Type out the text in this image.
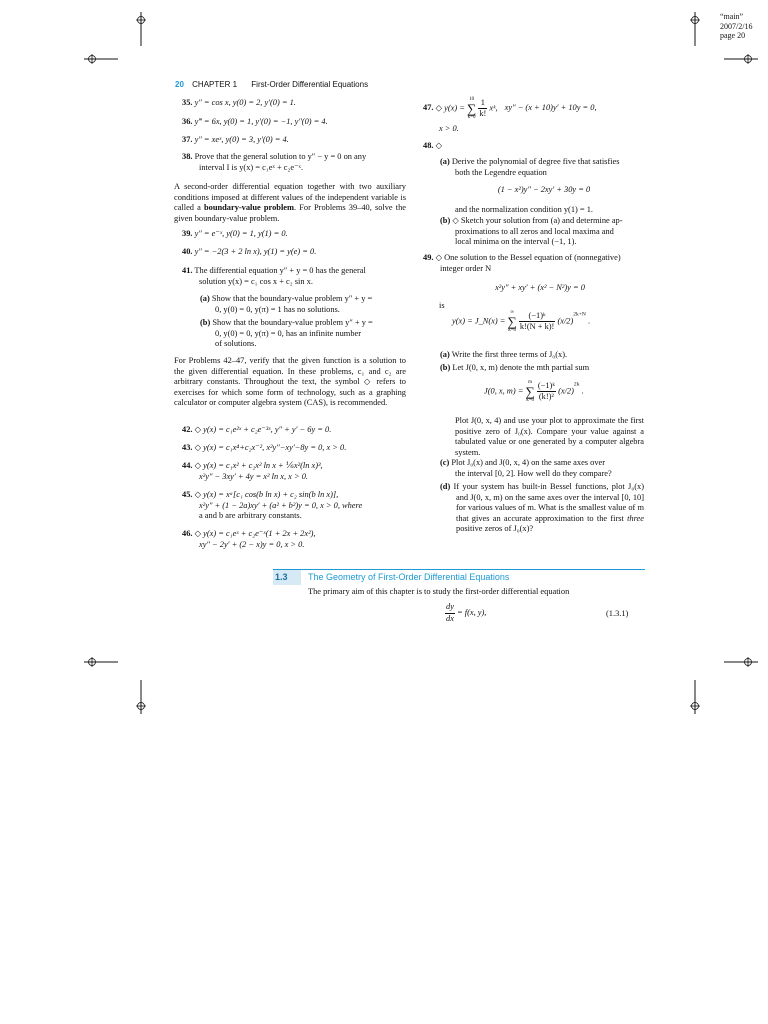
“main”
2007/2/16
page 20
20 CHAPTER 1 First-Order Differential Equations
35. y″ = cos x, y(0) = 2, y′(0) = 1.
36. y‴ = 6x, y(0) = 1, y′(0) = −1, y″(0) = 4.
37. y″ = xeˣ, y(0) = 3, y′(0) = 4.
38. Prove that the general solution to y″ − y = 0 on any
interval I is y(x) = c₁eˣ + c₂e⁻ˣ.
A second-order differential equation together with two auxiliary conditions imposed at different values of the independent variable is called a boundary-value problem. For Problems 39–40, solve the given boundary-value problem.
39. y″ = e⁻ˣ, y(0) = 1, y(1) = 0.
40. y″ = −2(3 + 2 ln x), y(1) = y(e) = 0.
41. The differential equation y″ + y = 0 has the general
solution y(x) = c₁ cos x + c₂ sin x.
(a) Show that the boundary-value problem y″ + y =
0, y(0) = 0, y(π) = 1 has no solutions.
(b) Show that the boundary-value problem y″ + y =
0, y(0) = 0, y(π) = 0, has an infinite number
of solutions.
For Problems 42–47, verify that the given function is a solution to the given differential equation. In these problems, c₁ and c₂ are arbitrary constants. Throughout the text, the symbol ◇ refers to exercises for which some form of technology, such as a graphing calculator or computer algebra system (CAS), is recommended.
42. ◇ y(x) = c₁e²ˣ + c₂e⁻³ˣ, y″ + y′ − 6y = 0.
43. ◇ y(x) = c₁x⁴+c₂x⁻², x²y″−xy′−8y = 0, x > 0.
44. ◇ y(x) = c₁x² + c₂x² ln x + ⅙x²(ln x)³,
x²y″ − 3xy′ + 4y = x² ln x, x > 0.
45. ◇ y(x) = xᵃ[c₁ cos(b ln x) + c₂ sin(b ln x)],
x²y″ + (1 − 2a)xy′ + (a² + b²)y = 0, x > 0, where
a and b are arbitrary constants.
46. ◇ y(x) = c₁eˣ + c₂e⁻ˣ(1 + 2x + 2x²),
xy″ − 2y′ + (2 − x)y = 0, x > 0.
47. ◇ y(x) =
10
∑
k=0
$\frac{1}{k!}$ xᵏ, xy″ − (x + 10)y′ + 10y = 0,
x > 0.
48. ◇
(a) Derive the polynomial of degree five that satisfies
both the Legendre equation
(1 − x²)y″ − 2xy′ + 30y = 0
and the normalization condition y(1) = 1.
(b) ◇ Sketch your solution from (a) and determine ap-
proximations to all zeros and local maxima and
local minima on the interval (−1, 1).
49. ◇ One solution to the Bessel equation of (nonnegative)
integer order N
x²y″ + xy′ + (x² − N²)y = 0
is
y(x) = J_N(x) =
∞
∑
k=0
$\frac{\text{(−1)ᵏ}}{k!(N + k)!} (x/2)^{2k+N}$ .
(a) Write the first three terms of J₀(x).
(b) Let J(0, x, m) denote the mth partial sum
J(0, x, m) =
m
∑
k=0
$\frac{\text{(−1)ᵏ}}{\text{(k!)²}} (x/2)^{2k}$ .
Plot J(0, x, 4) and use your plot to approximate the first positive zero of J₀(x). Compare your value against a tabulated value or one generated by a computer algebra system.
(c) Plot J₀(x) and J(0, x, 4) on the same axes over
the interval [0, 2]. How well do they compare?
(d) If your system has built-in Bessel functions, plot J₀(x) and J(0, x, m) on the same axes over the interval [0, 10] for various values of m. What is the smallest value of m that gives an accurate approximation to the first three positive zeros of J₀(x)?
1.3 The Geometry of First-Order Differential Equations
The primary aim of this chapter is to study the first-order differential equation
$\frac{dy}{dx} = f(x$, y),	(1.3.1)
